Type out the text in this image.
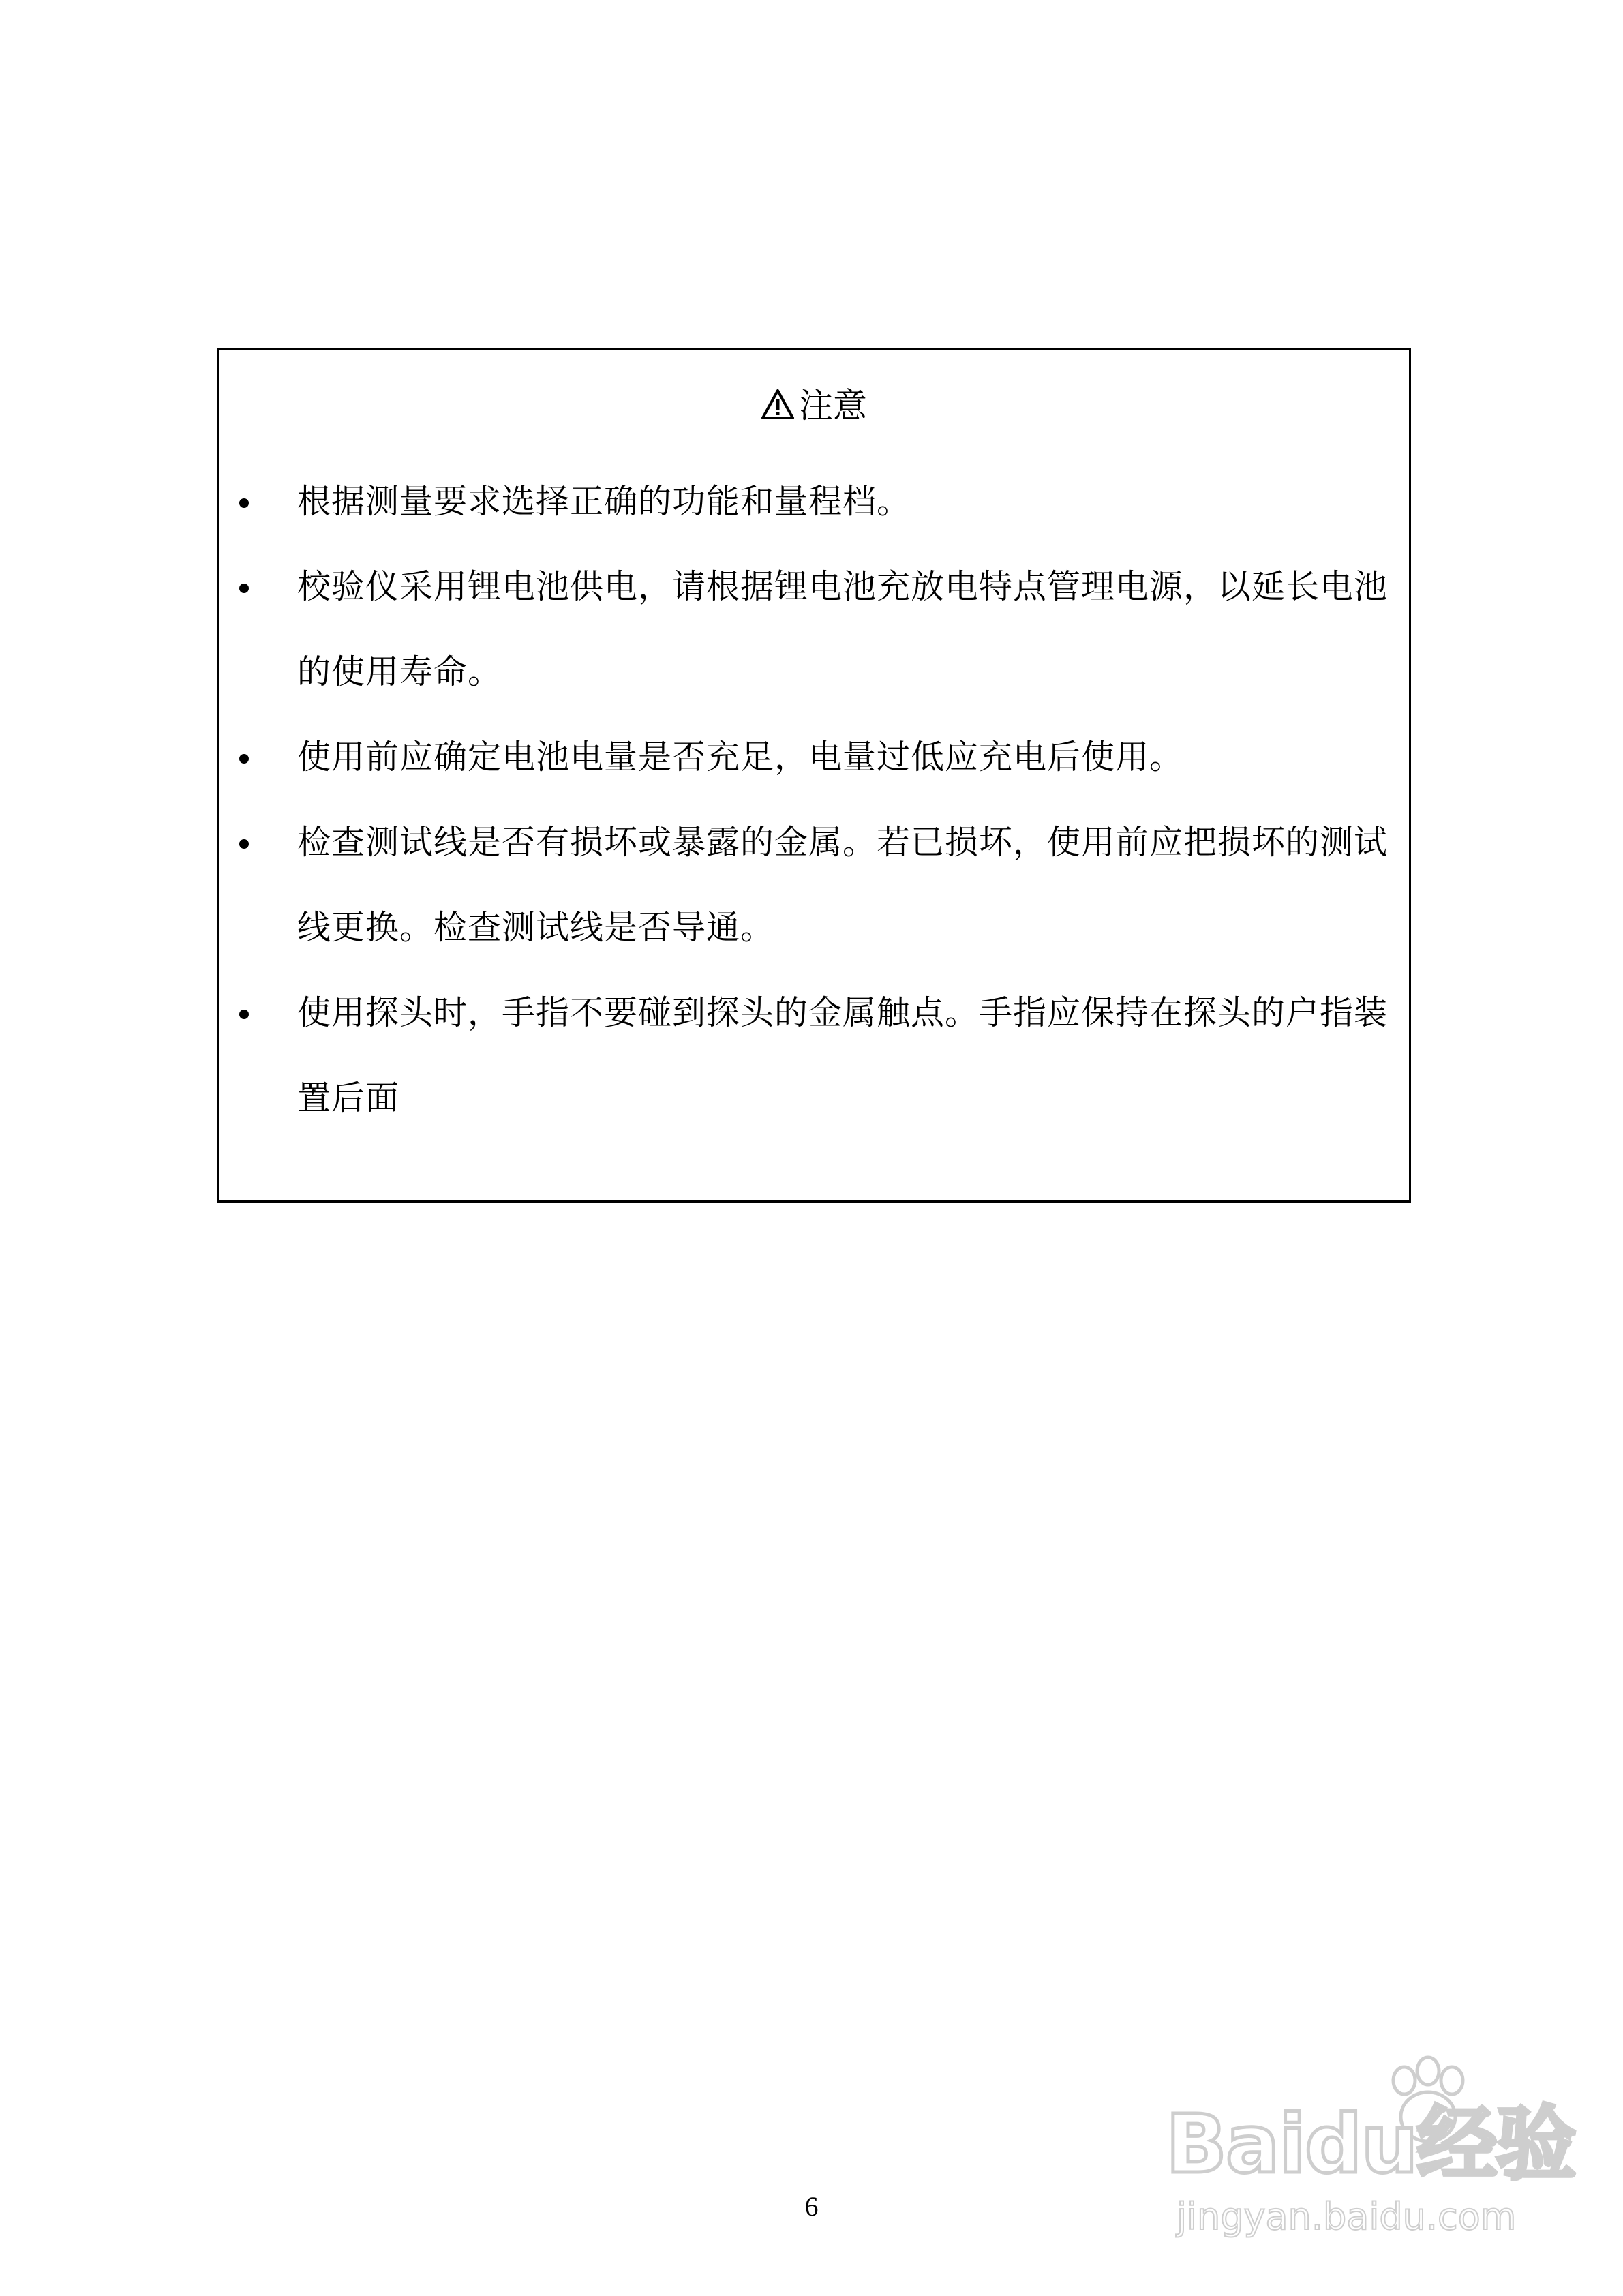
注意
根据测量要求选择正确的功能和量程档。
校验仪采用锂电池供电，请根据锂电池充放电特点管理电源，以延长电池的使用寿命。
使用前应确定电池电量是否充足，电量过低应充电后使用。
检查测试线是否有损坏或暴露的金属。若已损坏，使用前应把损坏的测试线更换。检查测试线是否导通。
使用探头时，手指不要碰到探头的金属触点。手指应保持在探头的户指装置后面
Baidu经验
jingyan.baidu.com
6
